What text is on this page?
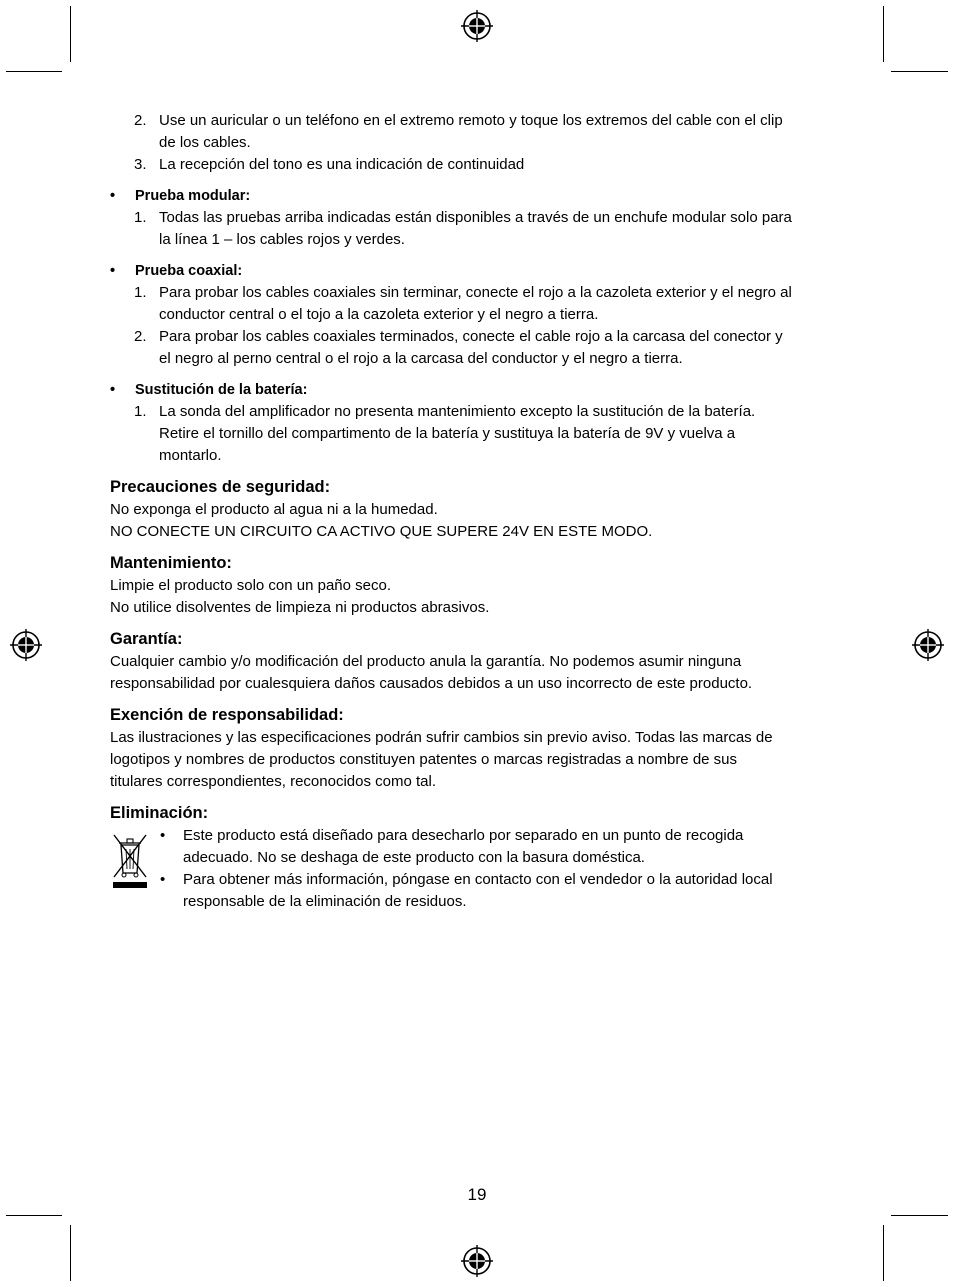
2. Use un auricular o un teléfono en el extremo remoto y toque los extremos del cable con el clip
de los cables.
3. La recepción del tono es una indicación de continuidad
• Prueba modular:
1. Todas las pruebas arriba indicadas están disponibles a través de un enchufe modular solo para
la línea 1 – los cables rojos y verdes.
• Prueba coaxial:
1. Para probar los cables coaxiales sin terminar, conecte el rojo a la cazoleta exterior y el negro al
conductor central o el tojo a la cazoleta exterior y el negro a tierra.
2. Para probar los cables coaxiales terminados, conecte el cable rojo a la carcasa del conector y
el negro al perno central o el rojo a la carcasa del conductor y el negro a tierra.
• Sustitución de la batería:
1. La sonda del amplificador no presenta mantenimiento excepto la sustitución de la batería.
Retire el tornillo del compartimento de la batería y sustituya la batería de 9V y vuelva a
montarlo.
Precauciones de seguridad:
No exponga el producto al agua ni a la humedad.
NO CONECTE UN CIRCUITO CA ACTIVO QUE SUPERE 24V EN ESTE MODO.
Mantenimiento:
Limpie el producto solo con un paño seco.
No utilice disolventes de limpieza ni productos abrasivos.
Garantía:
Cualquier cambio y/o modificación del producto anula la garantía. No podemos asumir ninguna
responsabilidad por cualesquiera daños causados debidos a un uso incorrecto de este producto.
Exención de responsabilidad:
Las ilustraciones y las especificaciones podrán sufrir cambios sin previo aviso. Todas las marcas de
logotipos y nombres de productos constituyen patentes o marcas registradas a nombre de sus
titulares correspondientes, reconocidos como tal.
Eliminación:
• Este producto está diseñado para desecharlo por separado en un punto de recogida
adecuado. No se deshaga de este producto con la basura doméstica.
• Para obtener más información, póngase en contacto con el vendedor o la autoridad local
responsable de la eliminación de residuos.
19
